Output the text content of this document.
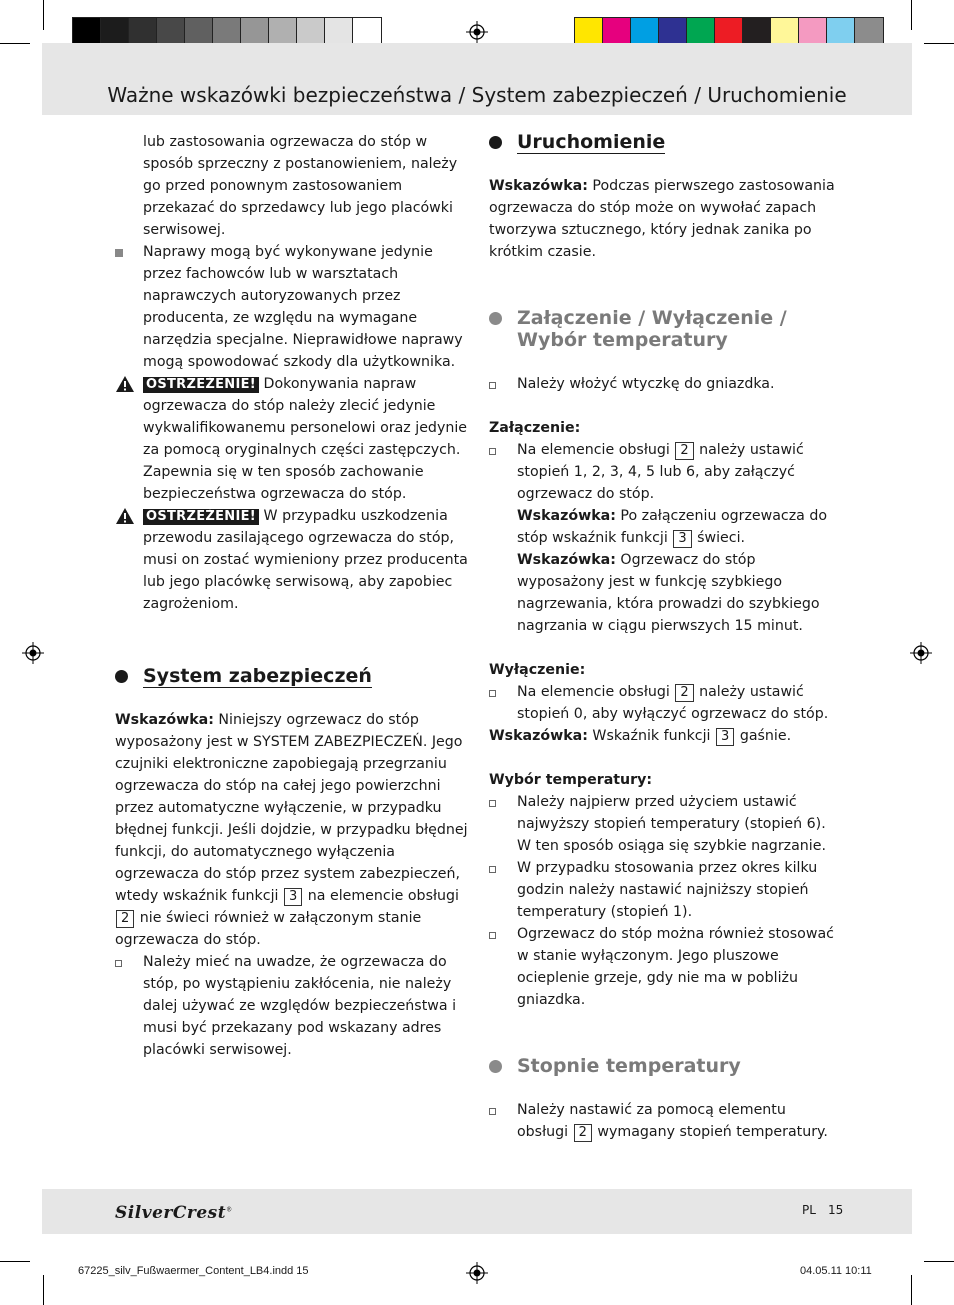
Ważne wskazówki bezpieczeństwa / System zabezpieczeń / Uruchomienie
lub zastosowania ogrzewacza do stóp w sposób sprzeczny z postanowieniem, należy go przed ponownym zastosowaniem przekazać do sprzedawcy lub jego placówki serwisowej.
Naprawy mogą być wykonywane jedynie przez fachowców lub w warsztatach naprawczych autoryzowanych przez producenta, ze względu na wymagane narzędzia specjalne. Nieprawidłowe naprawy mogą spowodować szkody dla użytkownika.
OSTRZEŻENIE! Dokonywania napraw ogrzewacza do stóp należy zlecić jedynie wykwalifikowanemu personelowi oraz jedynie za pomocą oryginalnych części zastępczych. Zapewnia się w ten sposób zachowanie bezpieczeństwa ogrzewacza do stóp.
OSTRZEŻENIE! W przypadku uszkodzenia przewodu zasilającego ogrzewacza do stóp, musi on zostać wymieniony przez producenta lub jego placówkę serwisową, aby zapobiec zagrożeniom.
System zabezpieczeń
Wskazówka: Niniejszy ogrzewacz do stóp wyposażony jest w SYSTEM ZABEZPIECZEŃ. Jego czujniki elektroniczne zapobiegają przegrzaniu ogrzewacza do stóp na całej jego powierzchni przez automatyczne wyłączenie, w przypadku błędnej funkcji. Jeśli dojdzie, w przypadku błędnej funkcji, do automatycznego wyłączenia ogrzewacza do stóp przez system zabezpieczeń, wtedy wskaźnik funkcji 3 na elemencie obsługi 2 nie świeci również w załączonym stanie ogrzewacza do stóp.
Należy mieć na uwadze, że ogrzewacza do stóp, po wystąpieniu zakłócenia, nie należy dalej używać ze względów bezpieczeństwa i musi być przekazany pod wskazany adres placówki serwisowej.
Uruchomienie
Wskazówka: Podczas pierwszego zastosowania ogrzewacza do stóp może on wywołać zapach tworzywa sztucznego, który jednak zanika po krótkim czasie.
Załączenie / Wyłączenie / Wybór temperatury
Należy włożyć wtyczkę do gniazdka.
Załączenie:
Na elemencie obsługi 2 należy ustawić stopień 1, 2, 3, 4, 5 lub 6, aby załączyć ogrzewacz do stóp.
Wskazówka: Po załączeniu ogrzewacza do stóp wskaźnik funkcji 3 świeci.
Wskazówka: Ogrzewacz do stóp wyposażony jest w funkcję szybkiego nagrzewania, która prowadzi do szybkiego nagrzania w ciągu pierwszych 15 minut.
Wyłączenie:
Na elemencie obsługi 2 należy ustawić stopień 0, aby wyłączyć ogrzewacz do stóp.
Wskazówka: Wskaźnik funkcji 3 gaśnie.
Wybór temperatury:
Należy najpierw przed użyciem ustawić najwyższy stopień temperatury (stopień 6). W ten sposób osiąga się szybkie nagrzanie.
W przypadku stosowania przez okres kilku godzin należy nastawić najniższy stopień temperatury (stopień 1).
Ogrzewacz do stóp można również stosować w stanie wyłączonym. Jego pluszowe ocieplenie grzeje, gdy nie ma w pobliżu gniazdka.
Stopnie temperatury
Należy nastawić za pomocą elementu obsługi 2 wymagany stopień temperatury.
SilverCrest®	PL 15
67225_silv_Fußwaermer_Content_LB4.indd 15	04.05.11 10:11
